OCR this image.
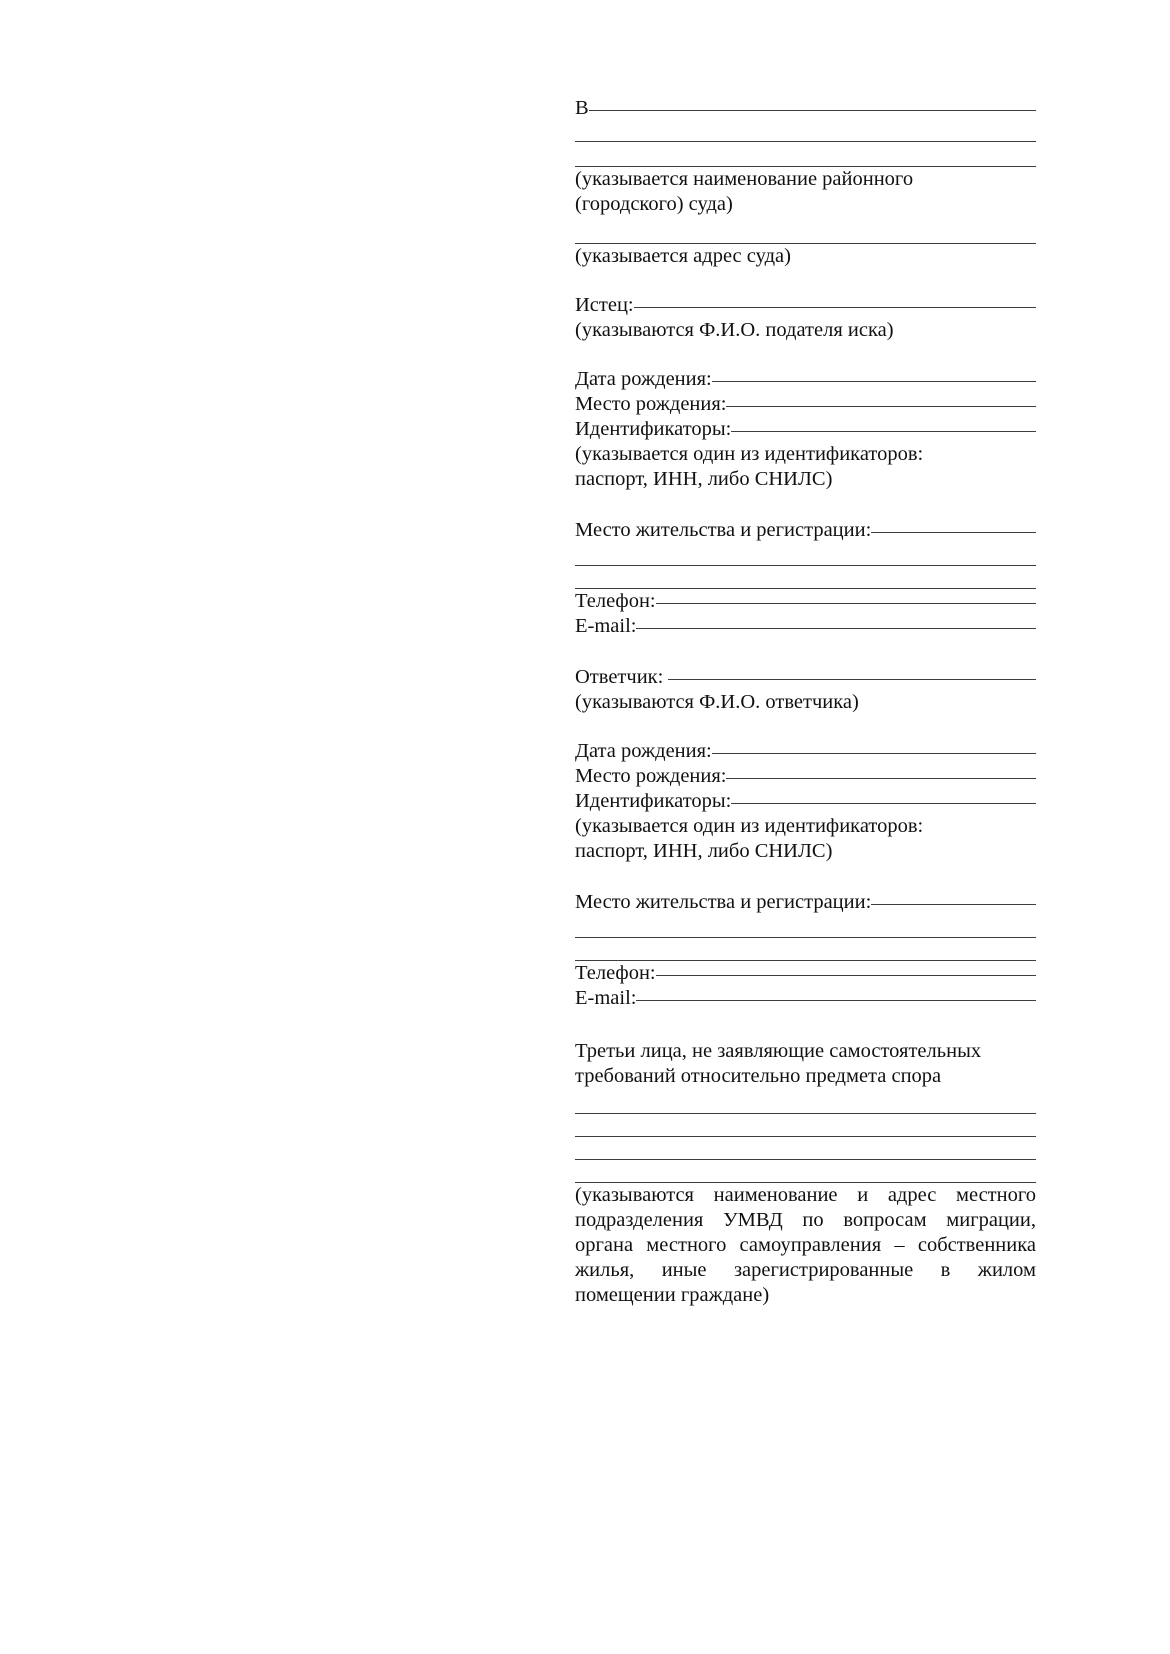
В
(указывается наименование районного
(городского) суда)
(указывается адрес суда)
Истец:
(указываются Ф.И.О. подателя иска)
Дата рождения:
Место рождения:
Идентификаторы:
(указывается один из идентификаторов:
паспорт, ИНН, либо СНИЛС)
Место жительства и регистрации:
Телефон:
E-mail:
Ответчик:
(указываются Ф.И.О. ответчика)
Дата рождения:
Место рождения:
Идентификаторы:
(указывается один из идентификаторов:
паспорт, ИНН, либо СНИЛС)
Место жительства и регистрации:
Телефон:
E-mail:
Третьи лица, не заявляющие самостоятельных
требований относительно предмета спора
(указываются наименование и адрес местного подразделения УМВД по вопросам миграции, органа местного самоуправления – собственника жилья, иные зарегистрированные в жилом помещении граждане)
